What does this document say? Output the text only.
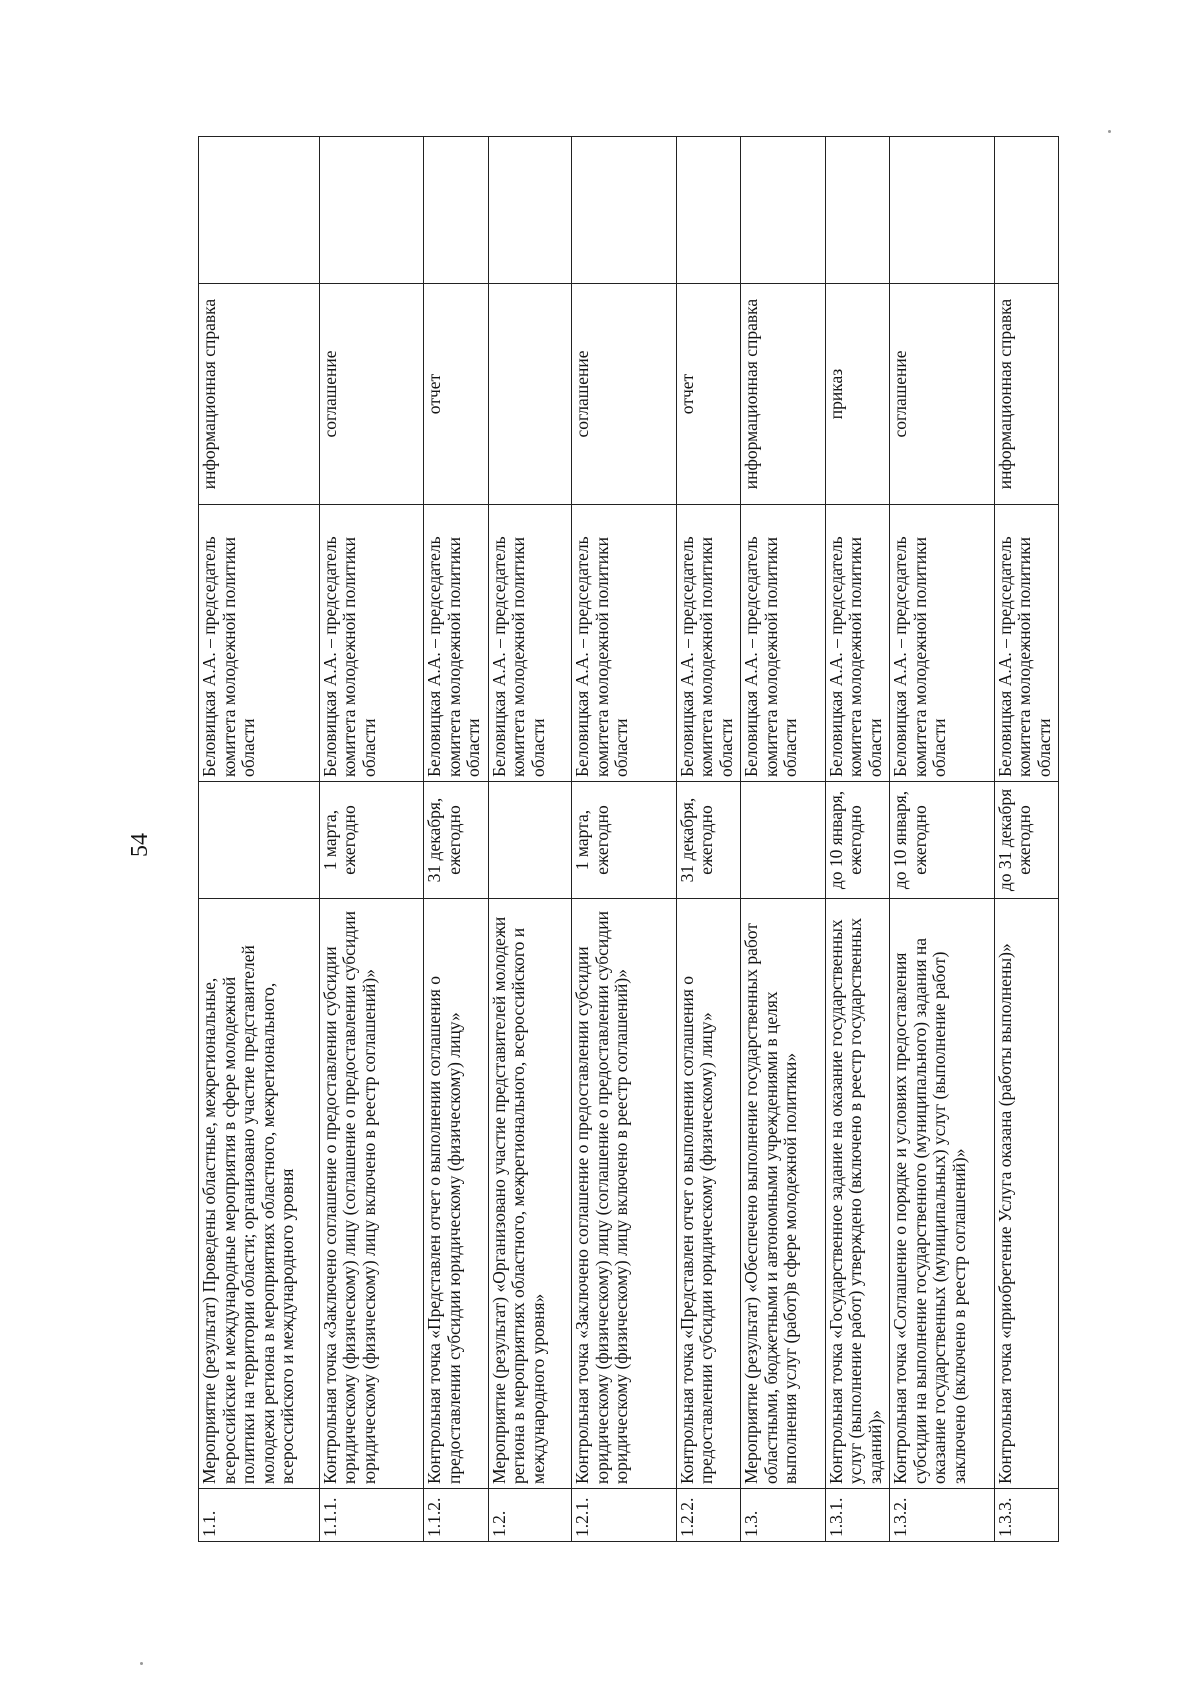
54
1.1.	Мероприятие (результат) Проведены областные, межрегиональные, всероссийские и международные мероприятия в сфере молодежной политики на территории области; организовано участие представителей молодежи региона в мероприятиях областного, межрегионального, всероссийского и международного уровня		Беловицкая А.А. – председатель комитета молодежной политики области	информационная справка	
1.1.1.	Контрольная точка «Заключено соглашение о предоставлении субсидии юридическому (физическому) лицу (соглашение о предоставлении субсидии юридическому (физическому) лицу включено в реестр соглашений)»	1 марта, ежегодно	Беловицкая А.А. – председатель комитета молодежной политики области	соглашение	
1.1.2.	Контрольная точка «Представлен отчет о выполнении соглашения о предоставлении субсидии юридическому (физическому) лицу»	31 декабря, ежегодно	Беловицкая А.А. – председатель комитета молодежной политики области	отчет	
1.2.	Мероприятие (результат) «Организовано участие представителей молодежи региона в мероприятиях областного, межрегионального, всероссийского и международного уровня»		Беловицкая А.А. – председатель комитета молодежной политики области		
1.2.1.	Контрольная точка «Заключено соглашение о предоставлении субсидии юридическому (физическому) лицу (соглашение о предоставлении субсидии юридическому (физическому) лицу включено в реестр соглашений)»	1 марта, ежегодно	Беловицкая А.А. – председатель комитета молодежной политики области	соглашение	
1.2.2.	Контрольная точка «Представлен отчет о выполнении соглашения о предоставлении субсидии юридическому (физическому) лицу»	31 декабря, ежегодно	Беловицкая А.А. – председатель комитета молодежной политики области	отчет	
1.3.	Мероприятие (результат) «Обеспечено выполнение государственных работ областными, бюджетными и автономными учреждениями в целях выполнения услуг (работ)в сфере молодежной политики»		Беловицкая А.А. – председатель комитета молодежной политики области	информационная справка	
1.3.1.	Контрольная точка «Государственное задание на оказание государственных услуг (выполнение работ) утверждено (включено в реестр государственных заданий)»	до 10 января, ежегодно	Беловицкая А.А. – председатель комитета молодежной политики области	приказ	
1.3.2.	Контрольная точка «Соглашение о порядке и условиях предоставления субсидии на выполнение государственного (муниципального) задания на оказание государственных (муниципальных) услуг (выполнение работ) заключено (включено в реестр соглашений)»	до 10 января, ежегодно	Беловицкая А.А. – председатель комитета молодежной политики области	соглашение	
1.3.3.	Контрольная точка «приобретение Услуга оказана (работы выполнены)»	до 31 декабря ежегодно	Беловицкая А.А. – председатель комитета молодежной политики области	информационная справка	
